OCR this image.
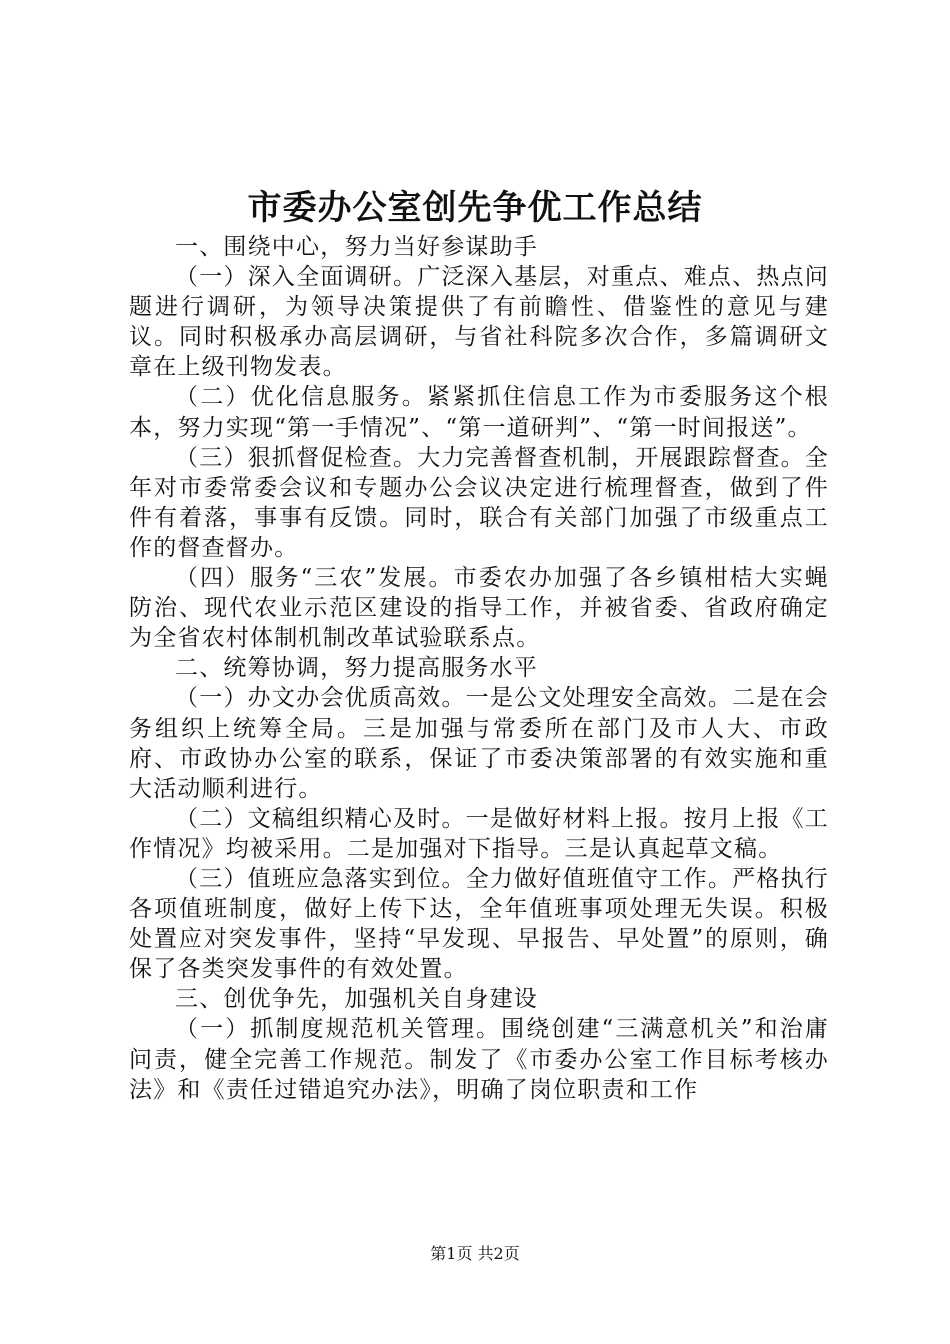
市委办公室创先争优工作总结

一、围绕中心，努力当好参谋助手

（一）深入全面调研。广泛深入基层，对重点、难点、热点问题进行调研，为领导决策提供了有前瞻性、借鉴性的意见与建议。同时积极承办高层调研，与省社科院多次合作，多篇调研文章在上级刊物发表。

（二）优化信息服务。紧紧抓住信息工作为市委服务这个根本，努力实现“第一手情况”、“第一道研判”、“第一时间报送”。

（三）狠抓督促检查。大力完善督查机制，开展跟踪督查。全年对市委常委会议和专题办公会议决定进行梳理督查，做到了件件有着落，事事有反馈。同时，联合有关部门加强了市级重点工作的督查督办。

（四）服务“三农”发展。市委农办加强了各乡镇柑桔大实蝇防治、现代农业示范区建设的指导工作，并被省委、省政府确定为全省农村体制机制改革试验联系点。

二、统筹协调，努力提高服务水平

（一）办文办会优质高效。一是公文处理安全高效。二是在会务组织上统筹全局。三是加强与常委所在部门及市人大、市政府、市政协办公室的联系，保证了市委决策部署的有效实施和重大活动顺利进行。

（二）文稿组织精心及时。一是做好材料上报。按月上报《工作情况》均被采用。二是加强对下指导。三是认真起草文稿。

（三）值班应急落实到位。全力做好值班值守工作。严格执行各项值班制度，做好上传下达，全年值班事项处理无失误。积极处置应对突发事件，坚持“早发现、早报告、早处置”的原则，确保了各类突发事件的有效处置。

三、创优争先，加强机关自身建设

（一）抓制度规范机关管理。围绕创建“三满意机关”和治庸问责，健全完善工作规范。制发了《市委办公室工作目标考核办法》和《责任过错追究办法》，明确了岗位职责和工作

第1页 共2页
